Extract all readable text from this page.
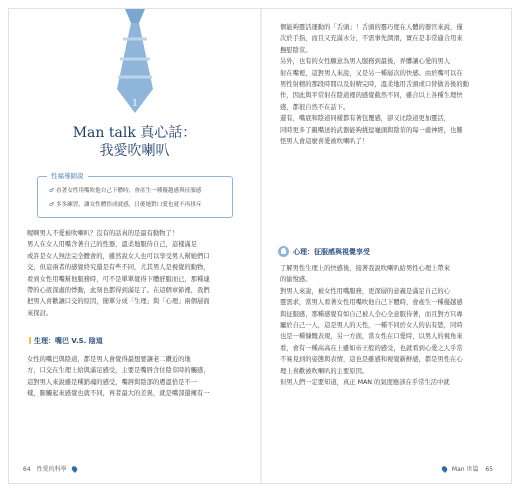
1
Man talk 真心話：
我愛吹喇叭
性福導師說
♂ 看著女性用嘴吹他自己下體時，會產生一種優越感與征服感
♂ 多多練習，讓女性體悟成就感，日後她對口愛也就不再排斥
喔啊男人不愛被吹喇叭？沒有的話真的是最有動物了！
男人在女人用嘴含著自己的性器，溫柔地服侍自己，這樣滿足
或許是女人無法完全體會的，雖然說女人也可以享受男人幫她們口
交，但這兩者的感覺終究還是有些不同，尤其男人是視覺的動物，
看到女性用嘴幫他服務時，可不是單單覺得下體舒服而已，那種連
帶的心底深處的悸動，此刻也都得到滿足了。在這個章節裡，我們
把男人喜歡讓口交的原因，簡單分成「生理」與「心理」兩個層面
來探討。
生理：嘴巴 V.S. 陰道
女性的嘴巴與陰道，都是男人會覺得最想要讓老二鑽近的地
方，口交在生理上給與滿足感受，主要是嘴唇含住陰莖時的觸感，
這對男人來說雖是種銷魂的感受，嘴唇與陰部的膚溫恰是不一
樣，膨觸起來感覺也就不同，再者最大的差異，就是嘴部還擁有一
64 性愛的科學
個能夠靈活運動的「舌頭」！舌頭的靈巧度在人體的器官來說，僅
次於手指，而且又充滿水分，不需事先潤滑，實在是非常適合用來
撫慰陰莖。
另外，也有的女性願意為男人服務到最後，弄髒讓心愛的男人
射在嘴裡，這對男人來說，又是另一種層次的快感。由於嘴可以在
男性射精的那段時間以及射精完時，溫柔地用舌頭或口替做善後的動
作，因此與平常射在陰道裡的感覺截然不同，雖合以上各種生理快
感，都很自然不在話下。
還有，嘴底和陰道同樣都有著包覆感，卻又比陰道更加靈活，
同時更多了親嘴送的武器能夠挑逗龜頭與陰莖的每一處神經，也難
怪男人會這麼喜愛被吹喇叭了！
心理：征服感與視覺享受
了解男性生理上的快感後，接著我說吹喇叭給男性心理上帶來
的愉悅感。
對男人來說，被女性用嘴服務，更深層的意義是滿足自己的心
靈需求，當男人看著女性用嘴吹他自己下體時，會產生一種優越感
與征服感，那種感覺有如自己被人全心全意服侍著，而且對方只專
屬於自己一人，這是男人的天性，一種不同於女人的佔有慾，同時
也是一種慷慨表現，另一方面，當女性在口愛時，以男人的視角來
看，會有一種高高在上雖如帝王般的感受，也就看到心愛之人乎常
不易見到的姿態與表情，這也是雖感和視覺新鮮感，都是男性在心
理上喜歡被吹喇叭的主要原因。
但男人們一定要知道，真正 MAN 的氣度應該在乎常生活中就
Man 世篇 65
